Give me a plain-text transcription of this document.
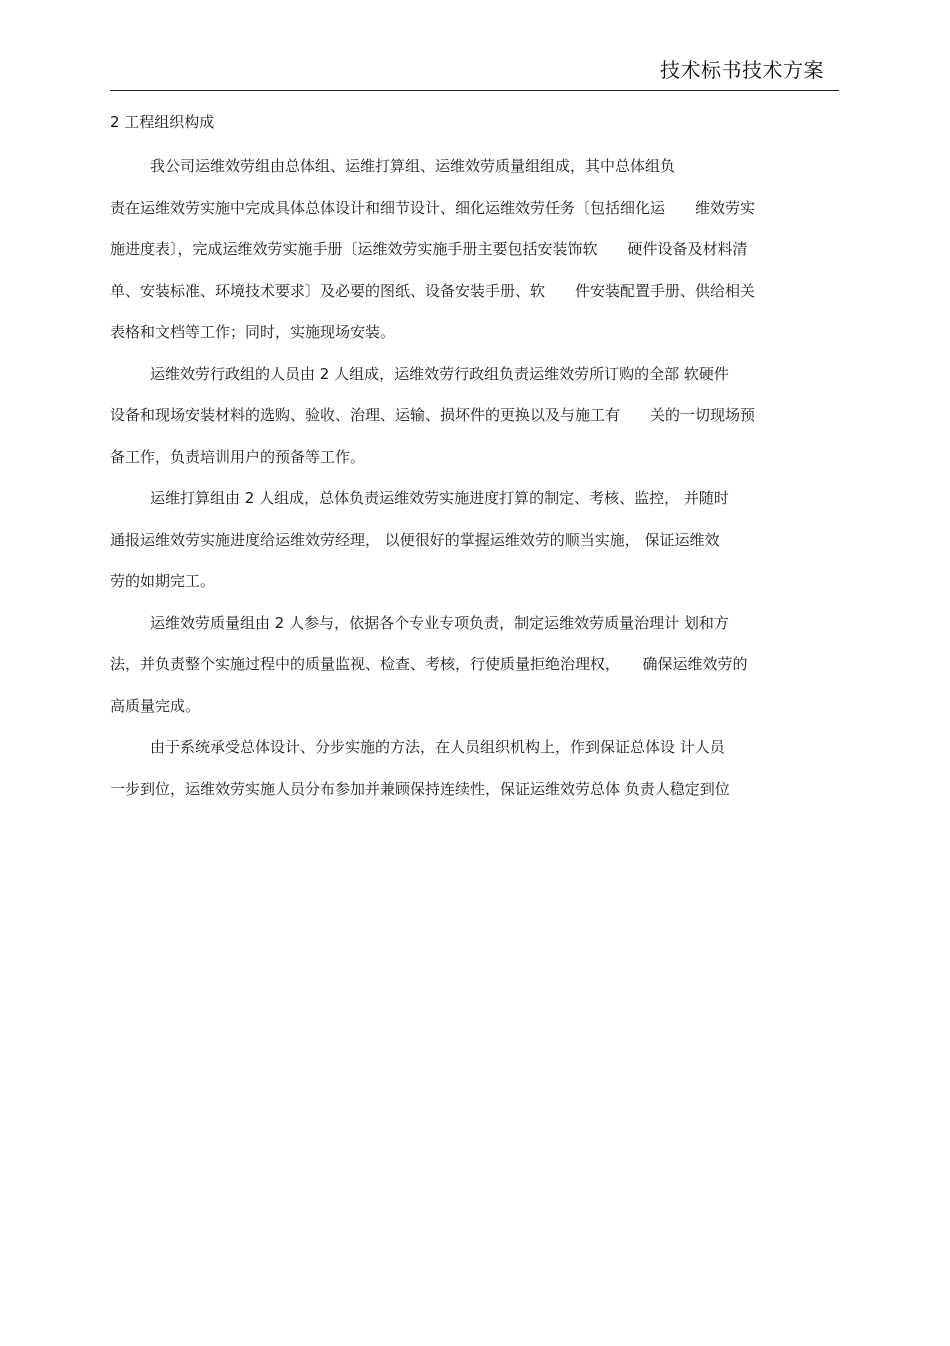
技术标书技术方案
2 工程组织构成

我公司运维效劳组由总体组、运维打算组、运维效劳质量组组成，其中总体组负
责在运维效劳实施中完成具体总体设计和细节设计、细化运维效劳任务〔包括细化运　　维效劳实
施进度表〕，完成运维效劳实施手册〔运维效劳实施手册主要包括安装饰软　　硬件设备及材料清
单、安装标准、环境技术要求〕及必要的图纸、设备安装手册、软　　件安装配置手册、供给相关
表格和文档等工作；同时，实施现场安装。

运维效劳行政组的人员由 2 人组成，运维效劳行政组负责运维效劳所订购的全部 软硬件
设备和现场安装材料的选购、验收、治理、运输、损坏件的更换以及与施工有　　关的一切现场预
备工作，负责培训用户的预备等工作。

运维打算组由 2 人组成，总体负责运维效劳实施进度打算的制定、考核、监控， 并随时
通报运维效劳实施进度给运维效劳经理， 以便很好的掌握运维效劳的顺当实施， 保证运维效
劳的如期完工。

运维效劳质量组由 2 人参与，依据各个专业专项负责，制定运维效劳质量治理计 划和方
法，并负责整个实施过程中的质量监视、检查、考核，行使质量拒绝治理权，　　确保运维效劳的
高质量完成。

由于系统承受总体设计、分步实施的方法，在人员组织机构上，作到保证总体设 计人员
一步到位，运维效劳实施人员分布参加并兼顾保持连续性，保证运维效劳总体 负责人稳定到位
